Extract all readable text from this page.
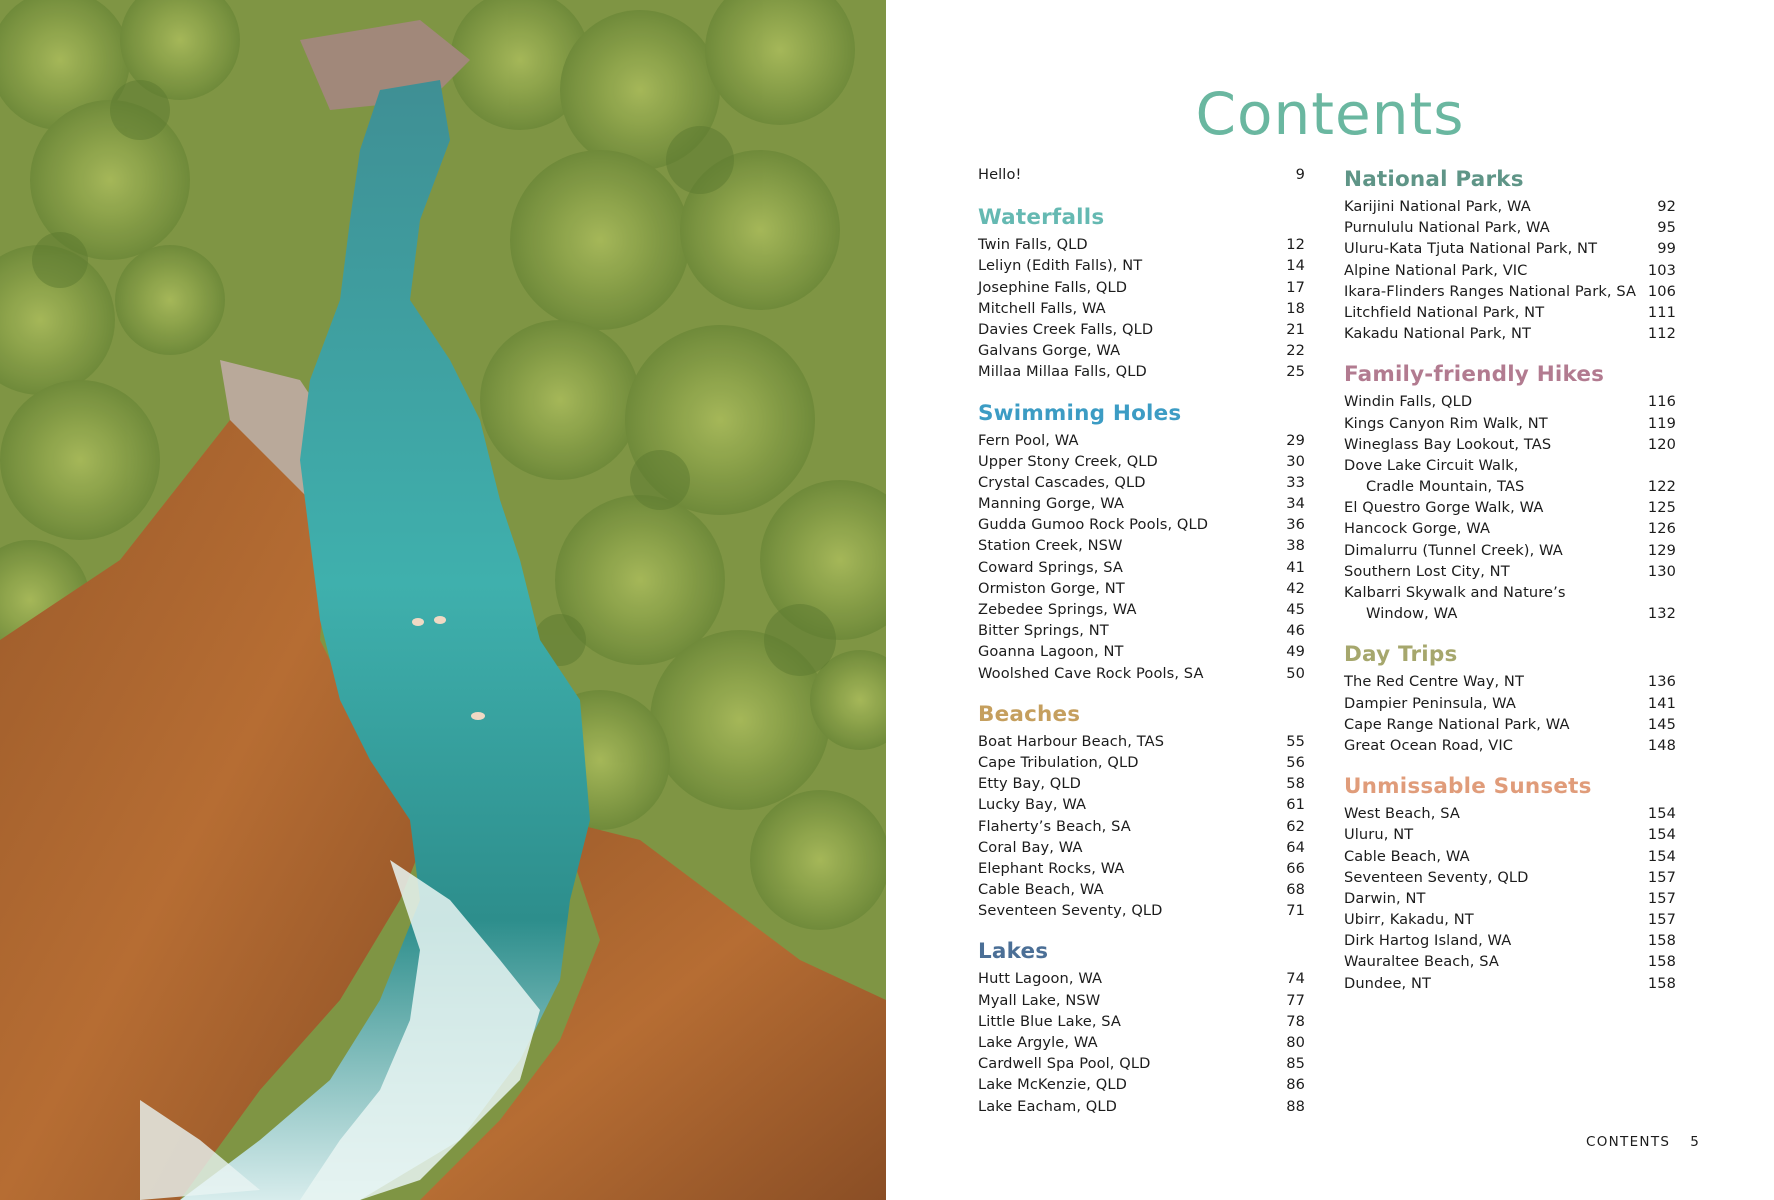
Contents
Hello!	9
Waterfalls
Twin Falls, QLD	12
Leliyn (Edith Falls), NT	14
Josephine Falls, QLD	17
Mitchell Falls, WA	18
Davies Creek Falls, QLD	21
Galvans Gorge, WA	22
Millaa Millaa Falls, QLD	25
Swimming Holes
Fern Pool, WA	29
Upper Stony Creek, QLD	30
Crystal Cascades, QLD	33
Manning Gorge, WA	34
Gudda Gumoo Rock Pools, QLD	36
Station Creek, NSW	38
Coward Springs, SA	41
Ormiston Gorge, NT	42
Zebedee Springs, WA	45
Bitter Springs, NT	46
Goanna Lagoon, NT	49
Woolshed Cave Rock Pools, SA	50
Beaches
Boat Harbour Beach, TAS	55
Cape Tribulation, QLD	56
Etty Bay, QLD	58
Lucky Bay, WA	61
Flaherty’s Beach, SA	62
Coral Bay, WA	64
Elephant Rocks, WA	66
Cable Beach, WA	68
Seventeen Seventy, QLD	71
Lakes
Hutt Lagoon, WA	74
Myall Lake, NSW	77
Little Blue Lake, SA	78
Lake Argyle, WA	80
Cardwell Spa Pool, QLD	85
Lake McKenzie, QLD	86
Lake Eacham, QLD	88
National Parks
Karijini National Park, WA	92
Purnululu National Park, WA	95
Uluru-Kata Tjuta National Park, NT	99
Alpine National Park, VIC	103
Ikara-Flinders Ranges National Park, SA 106
Litchfield National Park, NT	111
Kakadu National Park, NT	112
Family-friendly Hikes
Windin Falls, QLD	116
Kings Canyon Rim Walk, NT	119
Wineglass Bay Lookout, TAS	120
Dove Lake Circuit Walk,
Cradle Mountain, TAS	122
El Questro Gorge Walk, WA	125
Hancock Gorge, WA	126
Dimalurru (Tunnel Creek), WA	129
Southern Lost City, NT	130
Kalbarri Skywalk and Nature’s
Window, WA	132
Day Trips
The Red Centre Way, NT	136
Dampier Peninsula, WA	141
Cape Range National Park, WA	145
Great Ocean Road, VIC	148
Unmissable Sunsets
West Beach, SA	154
Uluru, NT	154
Cable Beach, WA	154
Seventeen Seventy, QLD	157
Darwin, NT	157
Ubirr, Kakadu, NT	157
Dirk Hartog Island, WA	158
Wauraltee Beach, SA	158
Dundee, NT	158
CONTENTS 5
